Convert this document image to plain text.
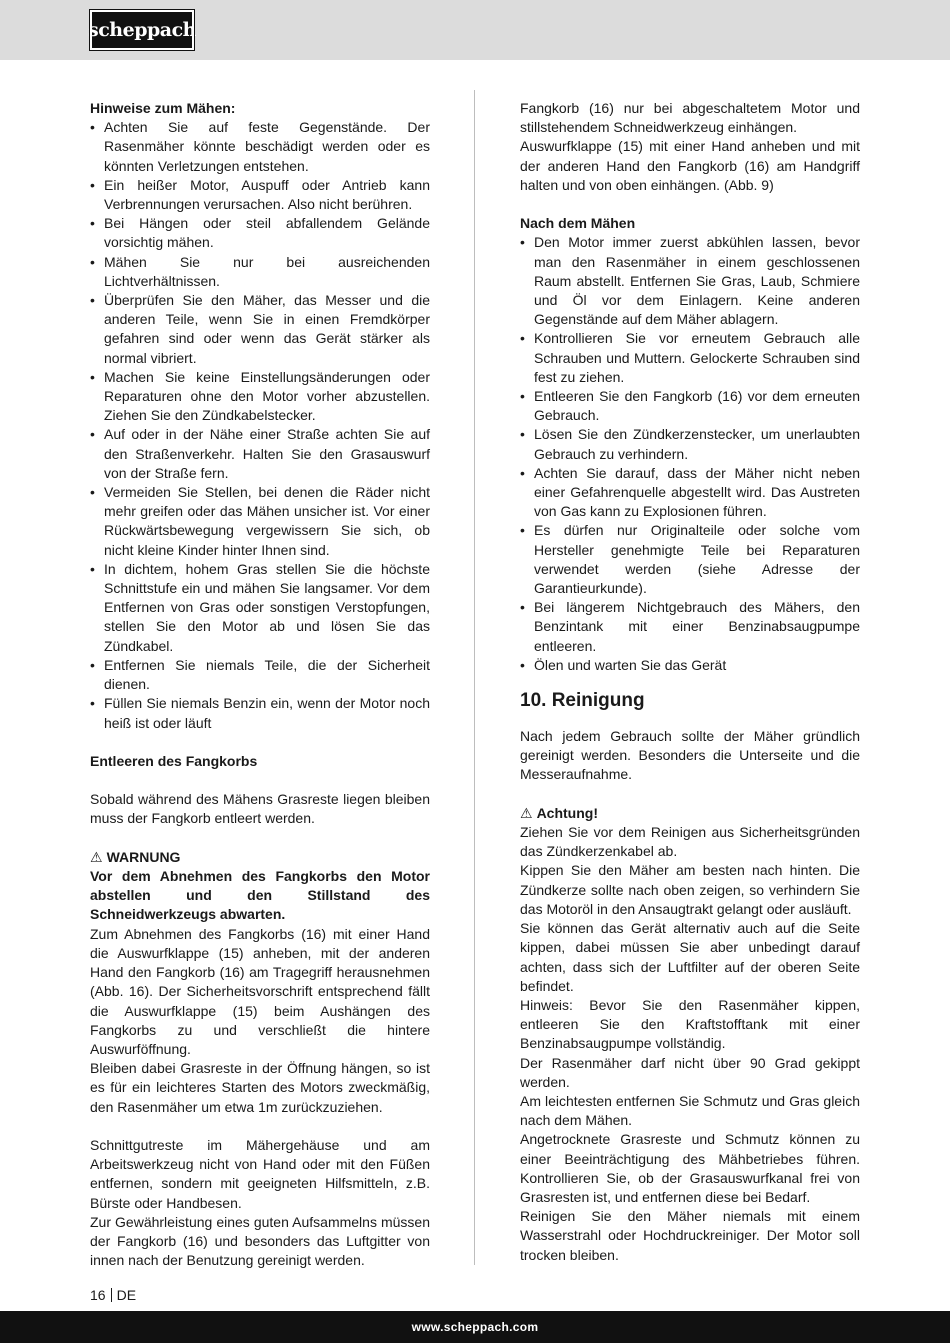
scheppach

Hinweise zum Mähen:

• Achten Sie auf feste Gegenstände. Der Rasenmäher könnte beschädigt werden oder es könnten Verletzungen entstehen.
• Ein heißer Motor, Auspuff oder Antrieb kann Verbrennungen verursachen. Also nicht berühren.
• Bei Hängen oder steil abfallendem Gelände vorsichtig mähen.
• Mähen Sie nur bei ausreichenden Lichtverhältnissen.
• Überprüfen Sie den Mäher, das Messer und die anderen Teile, wenn Sie in einen Fremdkörper gefahren sind oder wenn das Gerät stärker als normal vibriert.
• Machen Sie keine Einstellungsänderungen oder Reparaturen ohne den Motor vorher abzustellen. Ziehen Sie den Zündkabelstecker.
• Auf oder in der Nähe einer Straße achten Sie auf den Straßenverkehr. Halten Sie den Grasauswurf von der Straße fern.
• Vermeiden Sie Stellen, bei denen die Räder nicht mehr greifen oder das Mähen unsicher ist. Vor einer Rückwärtsbewegung vergewissern Sie sich, ob nicht kleine Kinder hinter Ihnen sind.
• In dichtem, hohem Gras stellen Sie die höchste Schnittstufe ein und mähen Sie langsamer. Vor dem Entfernen von Gras oder sonstigen Verstopfungen, stellen Sie den Motor ab und lösen Sie das Zündkabel.
• Entfernen Sie niemals Teile, die der Sicherheit dienen.
• Füllen Sie niemals Benzin ein, wenn der Motor noch heiß ist oder läuft

Entleeren des Fangkorbs

Sobald während des Mähens Grasreste liegen bleiben muss der Fangkorb entleert werden.

⚠ WARNUNG

Vor dem Abnehmen des Fangkorbs den Motor abstellen und den Stillstand des Schneidwerkzeugs abwarten.

Zum Abnehmen des Fangkorbs (16) mit einer Hand die Auswurfklappe (15) anheben, mit der anderen Hand den Fangkorb (16) am Tragegriff herausnehmen (Abb. 16). Der Sicherheitsvorschrift entsprechend fällt die Auswurfklappe (15) beim Aushängen des Fangkorbs zu und verschließt die hintere Auswurföffnung.

Bleiben dabei Grasreste in der Öffnung hängen, so ist es für ein leichteres Starten des Motors zweckmäßig, den Rasenmäher um etwa 1m zurückzuziehen.

Schnittgutreste im Mähergehäuse und am Arbeitswerkzeug nicht von Hand oder mit den Füßen entfernen, sondern mit geeigneten Hilfsmitteln, z.B. Bürste oder Handbesen.

Zur Gewährleistung eines guten Aufsammelns müssen der Fangkorb (16) und besonders das Luftgitter von innen nach der Benutzung gereinigt werden.

Fangkorb (16) nur bei abgeschaltetem Motor und stillstehendem Schneidwerkzeug einhängen.

Auswurfklappe (15) mit einer Hand anheben und mit der anderen Hand den Fangkorb (16) am Handgriff halten und von oben einhängen. (Abb. 9)

Nach dem Mähen

• Den Motor immer zuerst abkühlen lassen, bevor man den Rasenmäher in einem geschlossenen Raum abstellt. Entfernen Sie Gras, Laub, Schmiere und Öl vor dem Einlagern. Keine anderen Gegenstände auf dem Mäher ablagern.
• Kontrollieren Sie vor erneutem Gebrauch alle Schrauben und Muttern. Gelockerte Schrauben sind fest zu ziehen.
• Entleeren Sie den Fangkorb (16) vor dem erneuten Gebrauch.
• Lösen Sie den Zündkerzenstecker, um unerlaubten Gebrauch zu verhindern.
• Achten Sie darauf, dass der Mäher nicht neben einer Gefahrenquelle abgestellt wird. Das Austreten von Gas kann zu Explosionen führen.
• Es dürfen nur Originalteile oder solche vom Hersteller genehmigte Teile bei Reparaturen verwendet werden (siehe Adresse der Garantieurkunde).
• Bei längerem Nichtgebrauch des Mähers, den Benzintank mit einer Benzinabsaugpumpe entleeren.
• Ölen und warten Sie das Gerät
10. Reinigung

Nach jedem Gebrauch sollte der Mäher gründlich gereinigt werden. Besonders die Unterseite und die Messeraufnahme.

⚠ Achtung!

Ziehen Sie vor dem Reinigen aus Sicherheitsgründen das Zündkerzenkabel ab.

Kippen Sie den Mäher am besten nach hinten. Die Zündkerze sollte nach oben zeigen, so verhindern Sie das Motoröl in den Ansaugtrakt gelangt oder ausläuft.

Sie können das Gerät alternativ auch auf die Seite kippen, dabei müssen Sie aber unbedingt darauf achten, dass sich der Luftfilter auf der oberen Seite befindet.

Hinweis: Bevor Sie den Rasenmäher kippen, entleeren Sie den Kraftstofftank mit einer Benzinabsaugpumpe vollständig.

Der Rasenmäher darf nicht über 90 Grad gekippt werden.

Am leichtesten entfernen Sie Schmutz und Gras gleich nach dem Mähen.

Angetrocknete Grasreste und Schmutz können zu einer Beeinträchtigung des Mähbetriebes führen. Kontrollieren Sie, ob der Grasauswurfkanal frei von Grasresten ist, und entfernen diese bei Bedarf.

Reinigen Sie den Mäher niemals mit einem Wasserstrahl oder Hochdruckreiniger. Der Motor soll trocken bleiben.

16 DE
www.scheppach.com
